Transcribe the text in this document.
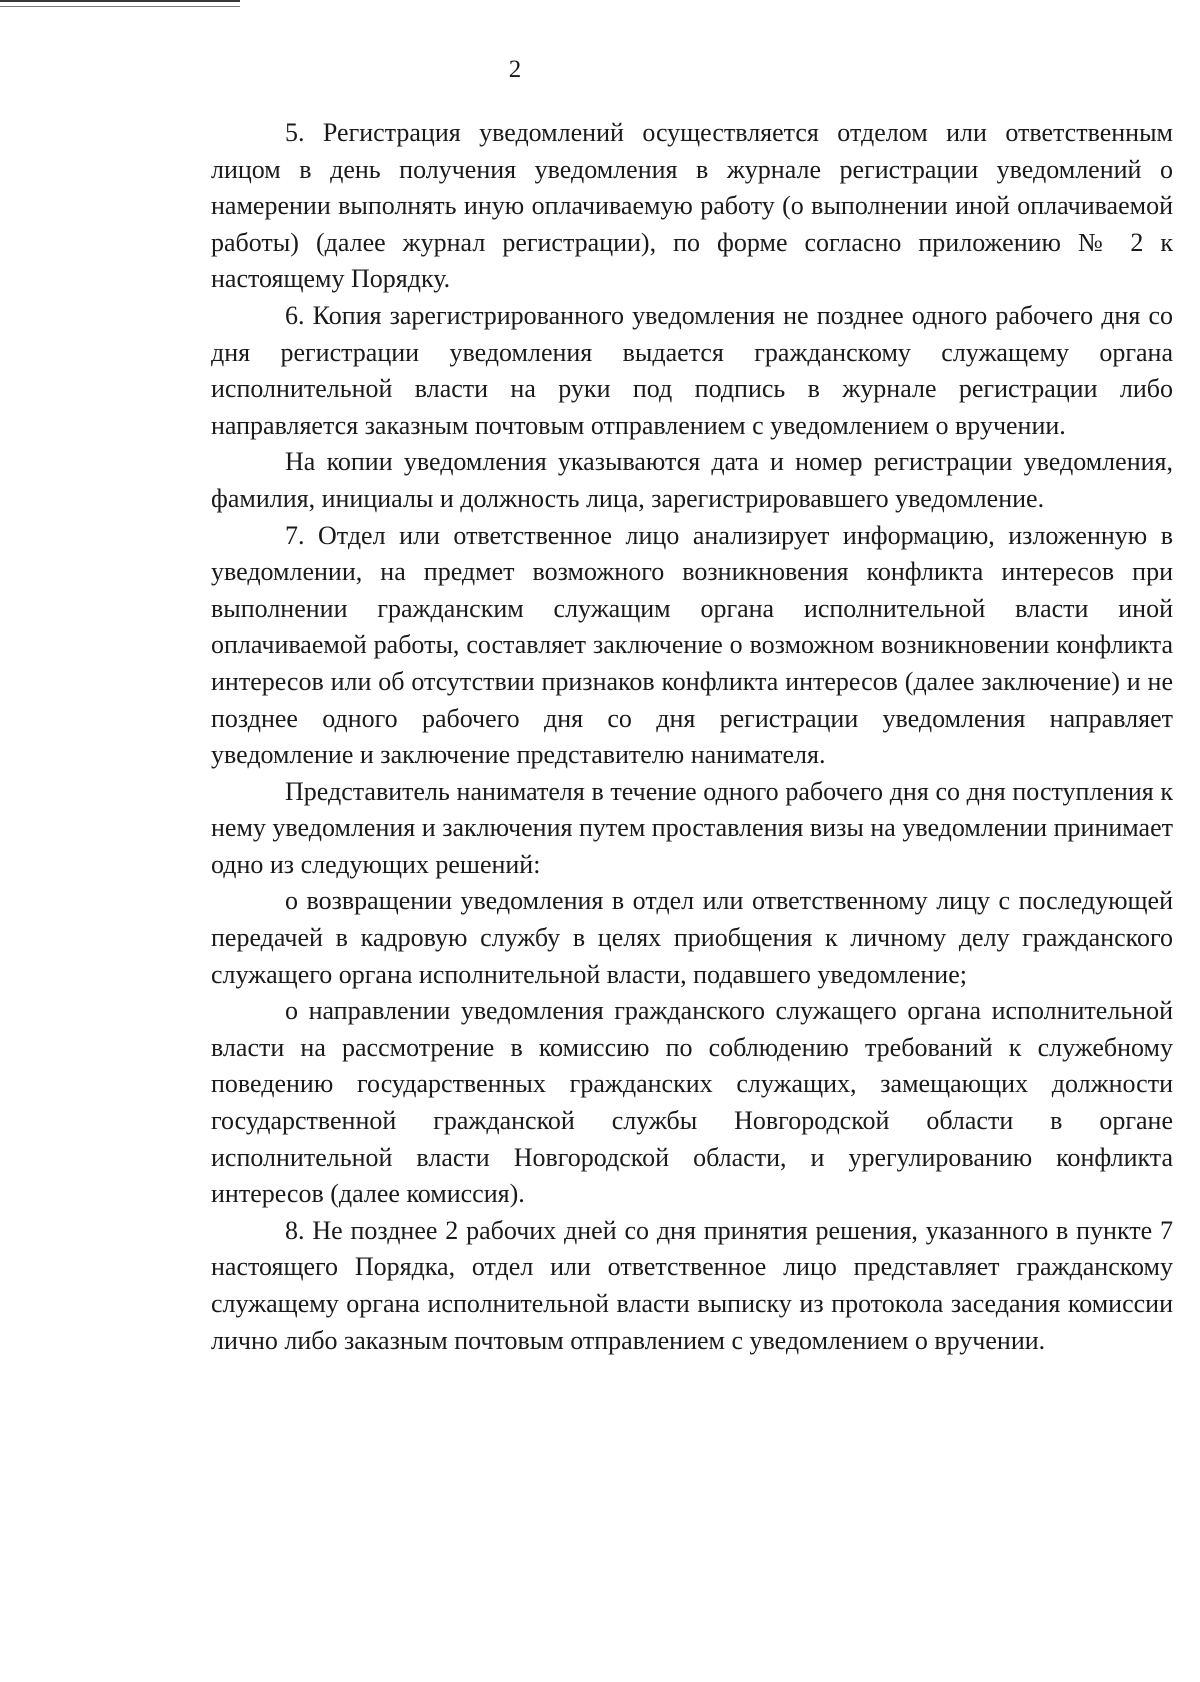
2

5. Регистрация уведомлений осуществляется отделом или ответственным лицом в день получения уведомления в журнале регистрации уведомлений о намерении выполнять иную оплачиваемую работу (о выполнении иной оплачиваемой работы) (далее журнал регистрации), по форме согласно приложению № 2 к настоящему Порядку.

6. Копия зарегистрированного уведомления не позднее одного рабочего дня со дня регистрации уведомления выдается гражданскому служащему органа исполнительной власти на руки под подпись в журнале регистрации либо направляется заказным почтовым отправлением с уведомлением о вручении.

На копии уведомления указываются дата и номер регистрации уведомления, фамилия, инициалы и должность лица, зарегистрировавшего уведомление.

7. Отдел или ответственное лицо анализирует информацию, изложенную в уведомлении, на предмет возможного возникновения конфликта интересов при выполнении гражданским служащим органа исполнительной власти иной оплачиваемой работы, составляет заключение о возможном возникновении конфликта интересов или об отсутствии признаков конфликта интересов (далее заключение) и не позднее одного рабочего дня со дня регистрации уведомления направляет уведомление и заключение представителю нанимателя.

Представитель нанимателя в течение одного рабочего дня со дня поступления к нему уведомления и заключения путем проставления визы на уведомлении принимает одно из следующих решений:

о возвращении уведомления в отдел или ответственному лицу с последующей передачей в кадровую службу в целях приобщения к личному делу гражданского служащего органа исполнительной власти, подавшего уведомление;

о направлении уведомления гражданского служащего органа исполнительной власти на рассмотрение в комиссию по соблюдению требований к служебному поведению государственных гражданских служащих, замещающих должности государственной гражданской службы Новгородской области в органе исполнительной власти Новгородской области, и урегулированию конфликта интересов (далее комиссия).

8. Не позднее 2 рабочих дней со дня принятия решения, указанного в пункте 7 настоящего Порядка, отдел или ответственное лицо представляет гражданскому служащему органа исполнительной власти выписку из протокола заседания комиссии лично либо заказным почтовым отправлением с уведомлением о вручении.
